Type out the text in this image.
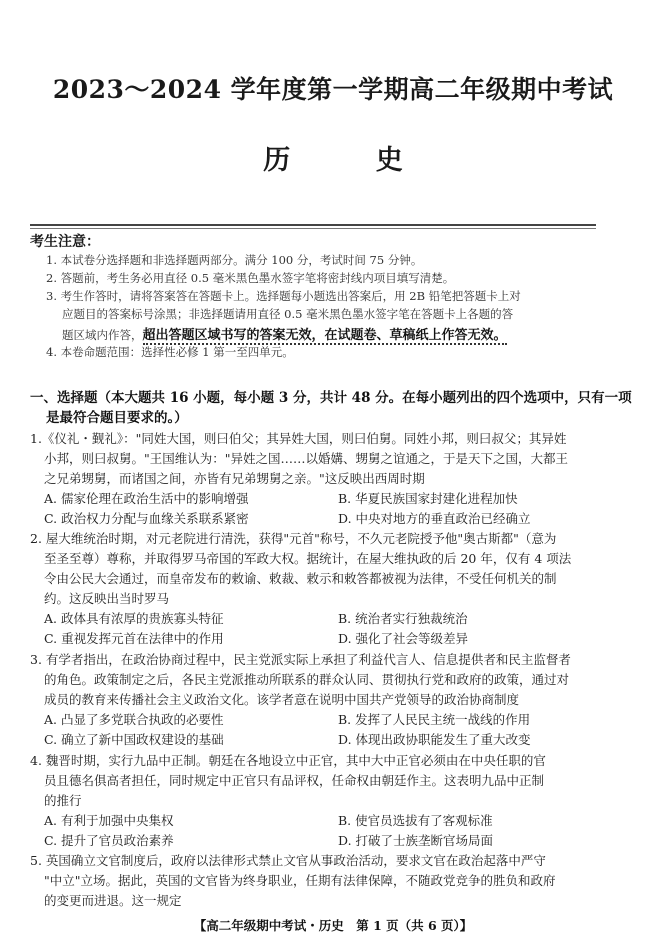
2023～2024 学年度第一学期高二年级期中考试
历 史
考生注意：
1. 本试卷分选择题和非选择题两部分。满分 100 分，考试时间 75 分钟。
2. 答题前，考生务必用直径 0.5 毫米黑色墨水签字笔将密封线内项目填写清楚。
3. 考生作答时，请将答案答在答题卡上。选择题每小题选出答案后，用 2B 铅笔把答题卡上对
应题目的答案标号涂黑；非选择题请用直径 0.5 毫米黑色墨水签字笔在答题卡上各题的答
题区域内作答，超出答题区域书写的答案无效，在试题卷、草稿纸上作答无效。
4. 本卷命题范围：选择性必修 1 第一至四单元。
一、选择题（本大题共 16 小题，每小题 3 分，共计 48 分。在每小题列出的四个选项中，只有一项
是最符合题目要求的。）
1.《仪礼・觐礼》："同姓大国，则曰伯父；其异姓大国，则曰伯舅。同姓小邦，则曰叔父；其异姓
小邦，则曰叔舅。"王国维认为："异姓之国……以婚媾、甥舅之谊通之，于是天下之国，大都王
之兄弟甥舅，而诸国之间，亦皆有兄弟甥舅之亲。"这反映出西周时期
A. 儒家伦理在政治生活中的影响增强	B. 华夏民族国家封建化进程加快
C. 政治权力分配与血缘关系联系紧密	D. 中央对地方的垂直政治已经确立
2. 屋大维统治时期，对元老院进行清洗，获得"元首"称号，不久元老院授予他"奥古斯都"（意为
至圣至尊）尊称，并取得罗马帝国的军政大权。据统计，在屋大维执政的后 20 年，仅有 4 项法
令由公民大会通过，而皇帝发布的敕谕、敕裁、敕示和敕答都被视为法律，不受任何机关的制
约。这反映出当时罗马
A. 政体具有浓厚的贵族寡头特征	B. 统治者实行独裁统治
C. 重视发挥元首在法律中的作用	D. 强化了社会等级差异
3. 有学者指出，在政治协商过程中，民主党派实际上承担了利益代言人、信息提供者和民主监督者
的角色。政策制定之后，各民主党派推动所联系的群众认同、贯彻执行党和政府的政策，通过对
成员的教育来传播社会主义政治文化。该学者意在说明中国共产党领导的政治协商制度
A. 凸显了多党联合执政的必要性	B. 发挥了人民民主统一战线的作用
C. 确立了新中国政权建设的基础	D. 体现出政协职能发生了重大改变
4. 魏晋时期，实行九品中正制。朝廷在各地设立中正官，其中大中正官必须由在中央任职的官
员且德名俱高者担任，同时规定中正官只有品评权，任命权由朝廷作主。这表明九品中正制
的推行
A. 有利于加强中央集权	B. 使官员选拔有了客观标准
C. 提升了官员政治素养	D. 打破了士族垄断官场局面
5. 英国确立文官制度后，政府以法律形式禁止文官从事政治活动，要求文官在政治起落中严守
"中立"立场。据此，英国的文官皆为终身职业，任期有法律保障，不随政党竞争的胜负和政府
的变更而进退。这一规定
【高二年级期中考试・历史　第 1 页（共 6 页）】
